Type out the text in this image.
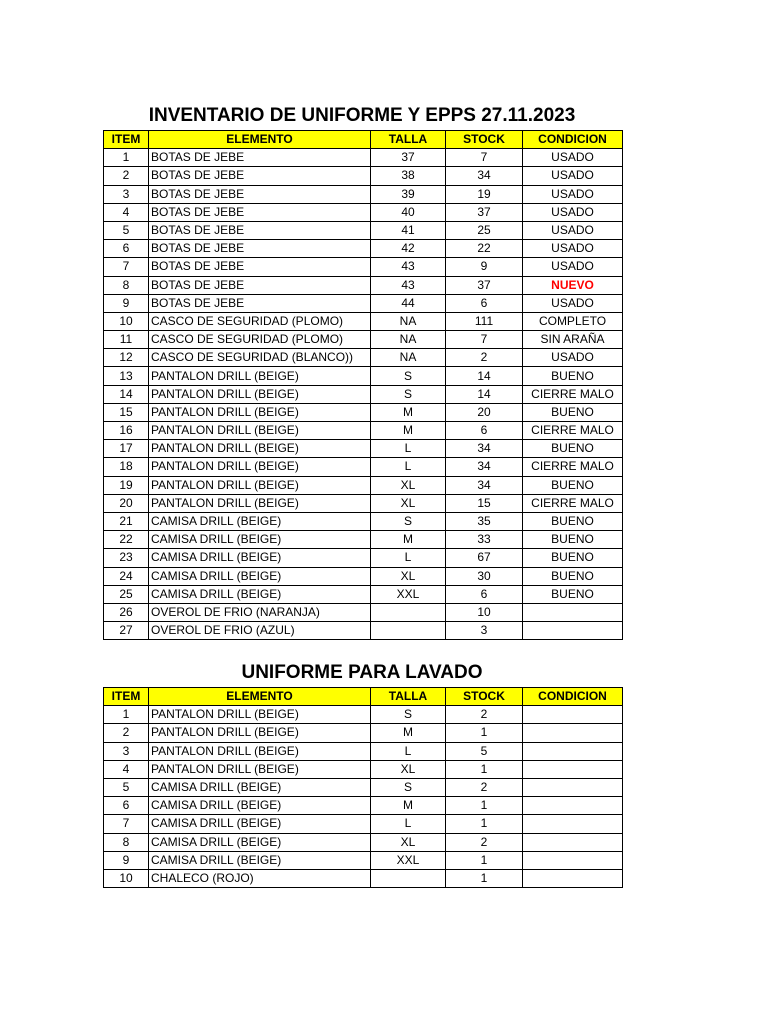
INVENTARIO DE UNIFORME Y EPPS 27.11.2023
ITEM	ELEMENTO	TALLA	STOCK	CONDICION
1	BOTAS DE JEBE	37	7	USADO
2	BOTAS DE JEBE	38	34	USADO
3	BOTAS DE JEBE	39	19	USADO
4	BOTAS DE JEBE	40	37	USADO
5	BOTAS DE JEBE	41	25	USADO
6	BOTAS DE JEBE	42	22	USADO
7	BOTAS DE JEBE	43	9	USADO
8	BOTAS DE JEBE	43	37	NUEVO
9	BOTAS DE JEBE	44	6	USADO
10	CASCO DE SEGURIDAD (PLOMO)	NA	111	COMPLETO
11	CASCO DE SEGURIDAD (PLOMO)	NA	7	SIN ARAÑA
12	CASCO DE SEGURIDAD (BLANCO))	NA	2	USADO
13	PANTALON DRILL (BEIGE)	S	14	BUENO
14	PANTALON DRILL (BEIGE)	S	14	CIERRE MALO
15	PANTALON DRILL (BEIGE)	M	20	BUENO
16	PANTALON DRILL (BEIGE)	M	6	CIERRE MALO
17	PANTALON DRILL (BEIGE)	L	34	BUENO
18	PANTALON DRILL (BEIGE)	L	34	CIERRE MALO
19	PANTALON DRILL (BEIGE)	XL	34	BUENO
20	PANTALON DRILL (BEIGE)	XL	15	CIERRE MALO
21	CAMISA DRILL (BEIGE)	S	35	BUENO
22	CAMISA DRILL (BEIGE)	M	33	BUENO
23	CAMISA DRILL (BEIGE)	L	67	BUENO
24	CAMISA DRILL (BEIGE)	XL	30	BUENO
25	CAMISA DRILL (BEIGE)	XXL	6	BUENO
26	OVEROL DE FRIO (NARANJA)		10	
27	OVEROL DE FRIO (AZUL)		3	
UNIFORME PARA LAVADO
ITEM	ELEMENTO	TALLA	STOCK	CONDICION
1	PANTALON DRILL (BEIGE)	S	2	
2	PANTALON DRILL (BEIGE)	M	1	
3	PANTALON DRILL (BEIGE)	L	5	
4	PANTALON DRILL (BEIGE)	XL	1	
5	CAMISA DRILL (BEIGE)	S	2	
6	CAMISA DRILL (BEIGE)	M	1	
7	CAMISA DRILL (BEIGE)	L	1	
8	CAMISA DRILL (BEIGE)	XL	2	
9	CAMISA DRILL (BEIGE)	XXL	1	
10	CHALECO (ROJO)		1	
